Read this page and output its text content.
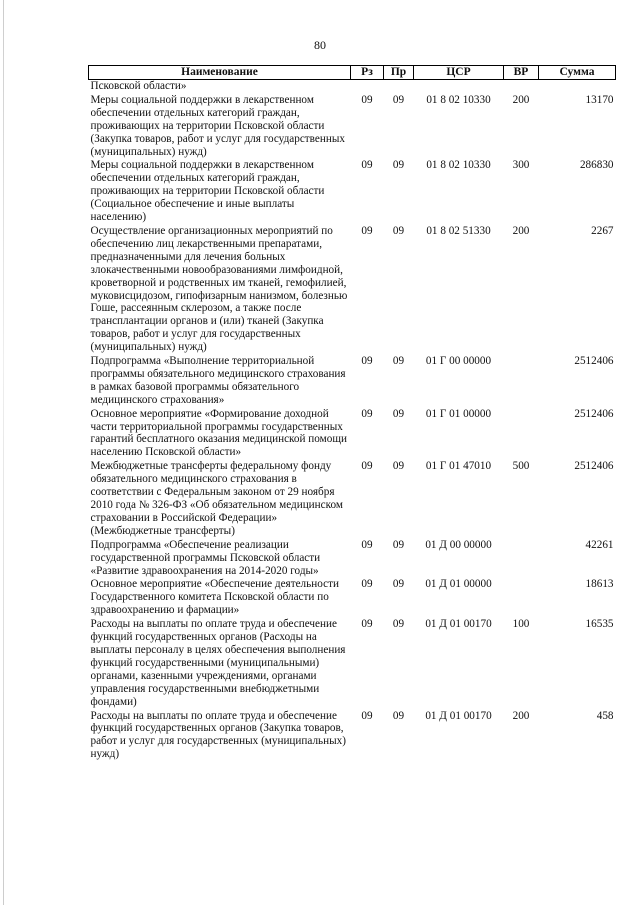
80
Наименование	Рз	Пр	ЦСР	ВР	Сумма
Псковской области»					
Меры социальной поддержки в лекарственном обеспечении отдельных категорий граждан, проживающих на территории Псковской области (Закупка товаров, работ и услуг для государственных (муниципальных) нужд)	09	09	01 8 02 10330	200	13170
Меры социальной поддержки в лекарственном обеспечении отдельных категорий граждан, проживающих на территории Псковской области (Социальное обеспечение и иные выплаты населению)	09	09	01 8 02 10330	300	286830
Осуществление организационных мероприятий по обеспечению лиц лекарственными препаратами, предназначенными для лечения больных злокачественными новообразованиями лимфоидной, кроветворной и родственных им тканей, гемофилией, муковисцидозом, гипофизарным нанизмом, болезнью Гоше, рассеянным склерозом, а также после трансплантации органов и (или) тканей (Закупка товаров, работ и услуг для государственных (муниципальных) нужд)	09	09	01 8 02 51330	200	2267
Подпрограмма «Выполнение территориальной программы обязательного медицинского страхования в рамках базовой программы обязательного медицинского страхования»	09	09	01 Г 00 00000		2512406
Основное мероприятие «Формирование доходной части территориальной программы государственных гарантий бесплатного оказания медицинской помощи населению Псковской области»	09	09	01 Г 01 00000		2512406
Межбюджетные трансферты федеральному фонду обязательного медицинского страхования в соответствии с Федеральным законом от 29 ноября 2010 года № 326-ФЗ «Об обязательном медицинском страховании в Российской Федерации» (Межбюджетные трансферты)	09	09	01 Г 01 47010	500	2512406
Подпрограмма «Обеспечение реализации государственной программы Псковской области «Развитие здравоохранения на 2014-2020 годы»	09	09	01 Д 00 00000		42261
Основное мероприятие «Обеспечение деятельности Государственного комитета Псковской области по здравоохранению и фармации»	09	09	01 Д 01 00000		18613
Расходы на выплаты по оплате труда и обеспечение функций государственных органов (Расходы на выплаты персоналу в целях обеспечения выполнения функций государственными (муниципальными) органами, казенными учреждениями, органами управления государственными внебюджетными фондами)	09	09	01 Д 01 00170	100	16535
Расходы на выплаты по оплате труда и обеспечение функций государственных органов (Закупка товаров, работ и услуг для государственных (муниципальных) нужд)	09	09	01 Д 01 00170	200	458
